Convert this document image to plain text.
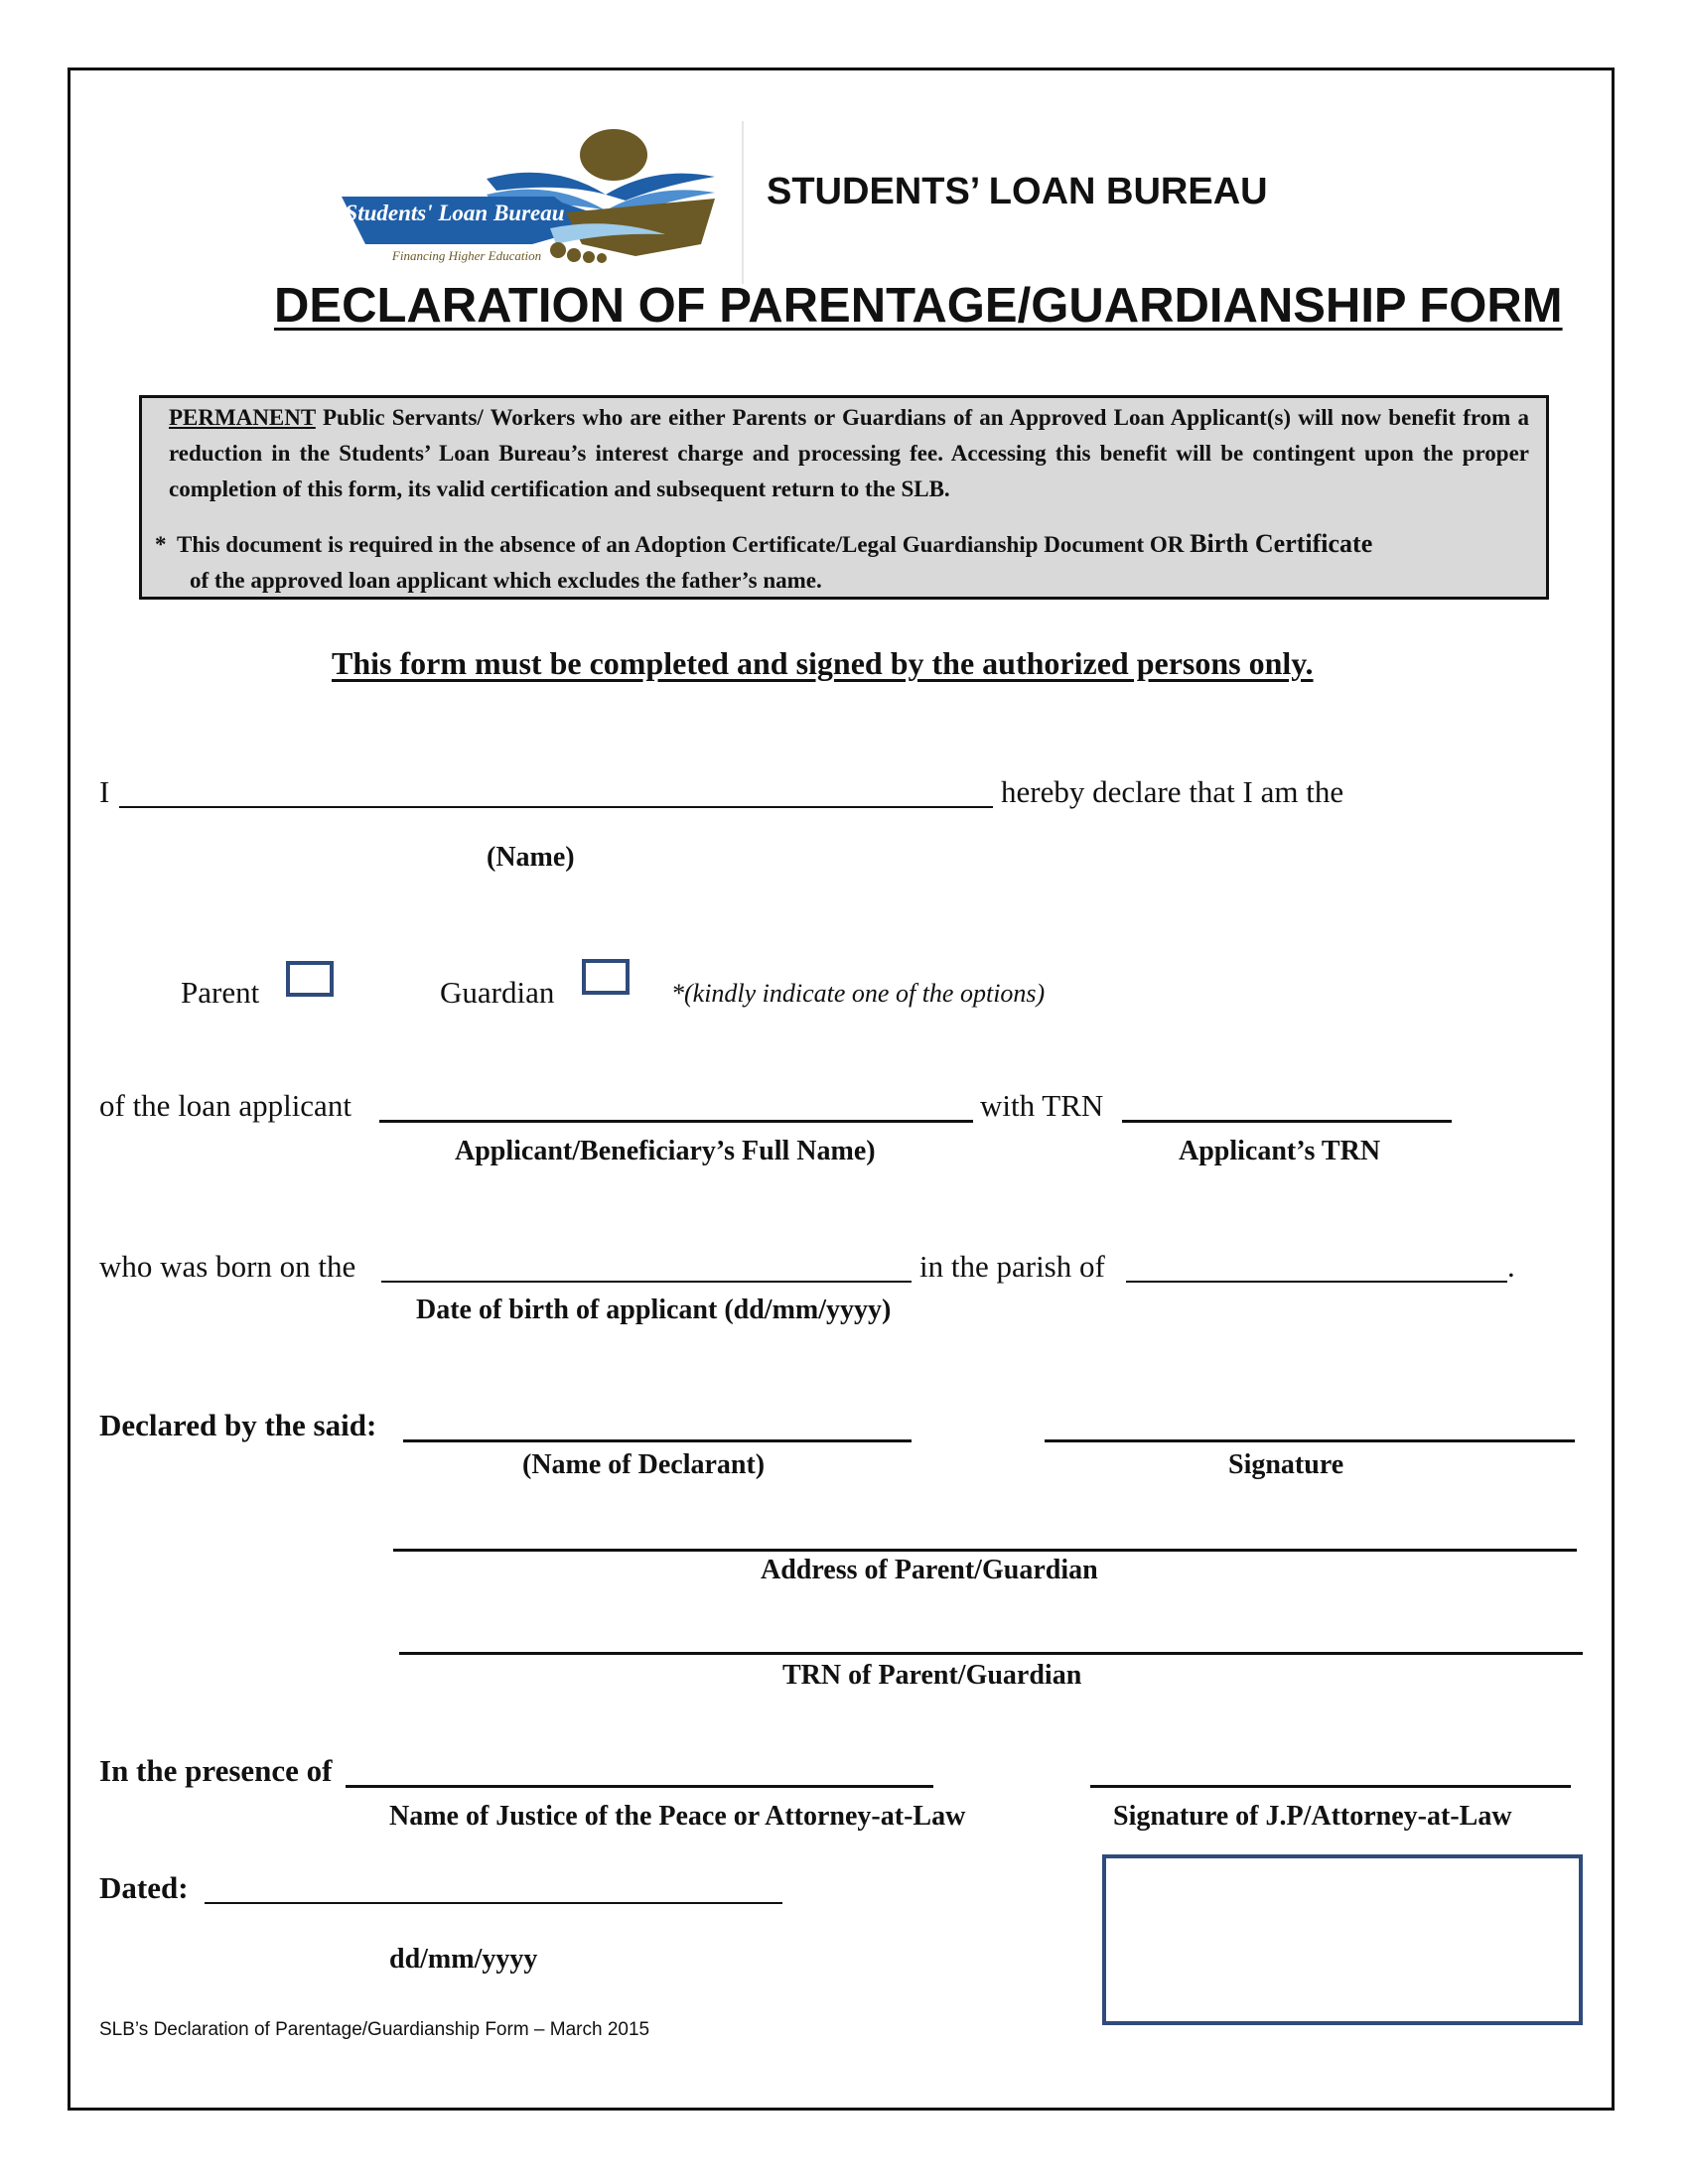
Students' Loan Bureau
Financing Higher Education
STUDENTS’ LOAN BUREAU
DECLARATION OF PARENTAGE/GUARDIANSHIP FORM
PERMANENT Public Servants/ Workers who are either Parents or Guardians of an Approved Loan Applicant(s) will now benefit from a reduction in the Students’ Loan Bureau’s interest charge and processing fee. Accessing this benefit will be contingent upon the proper completion of this form, its valid certification and subsequent return to the SLB.
* This document is required in the absence of an Adoption Certificate/Legal Guardianship Document OR Birth Certificate
of the approved loan applicant which excludes the father’s name.
This form must be completed and signed by the authorized persons only.
I	hereby declare that I am the
(Name)
Parent	Guardian	*(kindly indicate one of the options)
of the loan applicant	with TRN
Applicant/Beneficiary’s Full Name)	Applicant’s TRN
who was born on the	in the parish of	.
Date of birth of applicant (dd/mm/yyyy)
Declared by the said:
(Name of Declarant)	Signature
Address of Parent/Guardian
TRN of Parent/Guardian
In the presence of
Name of Justice of the Peace or Attorney-at-Law	Signature of J.P/Attorney-at-Law
Dated:
dd/mm/yyyy
SLB’s Declaration of Parentage/Guardianship Form – March 2015
